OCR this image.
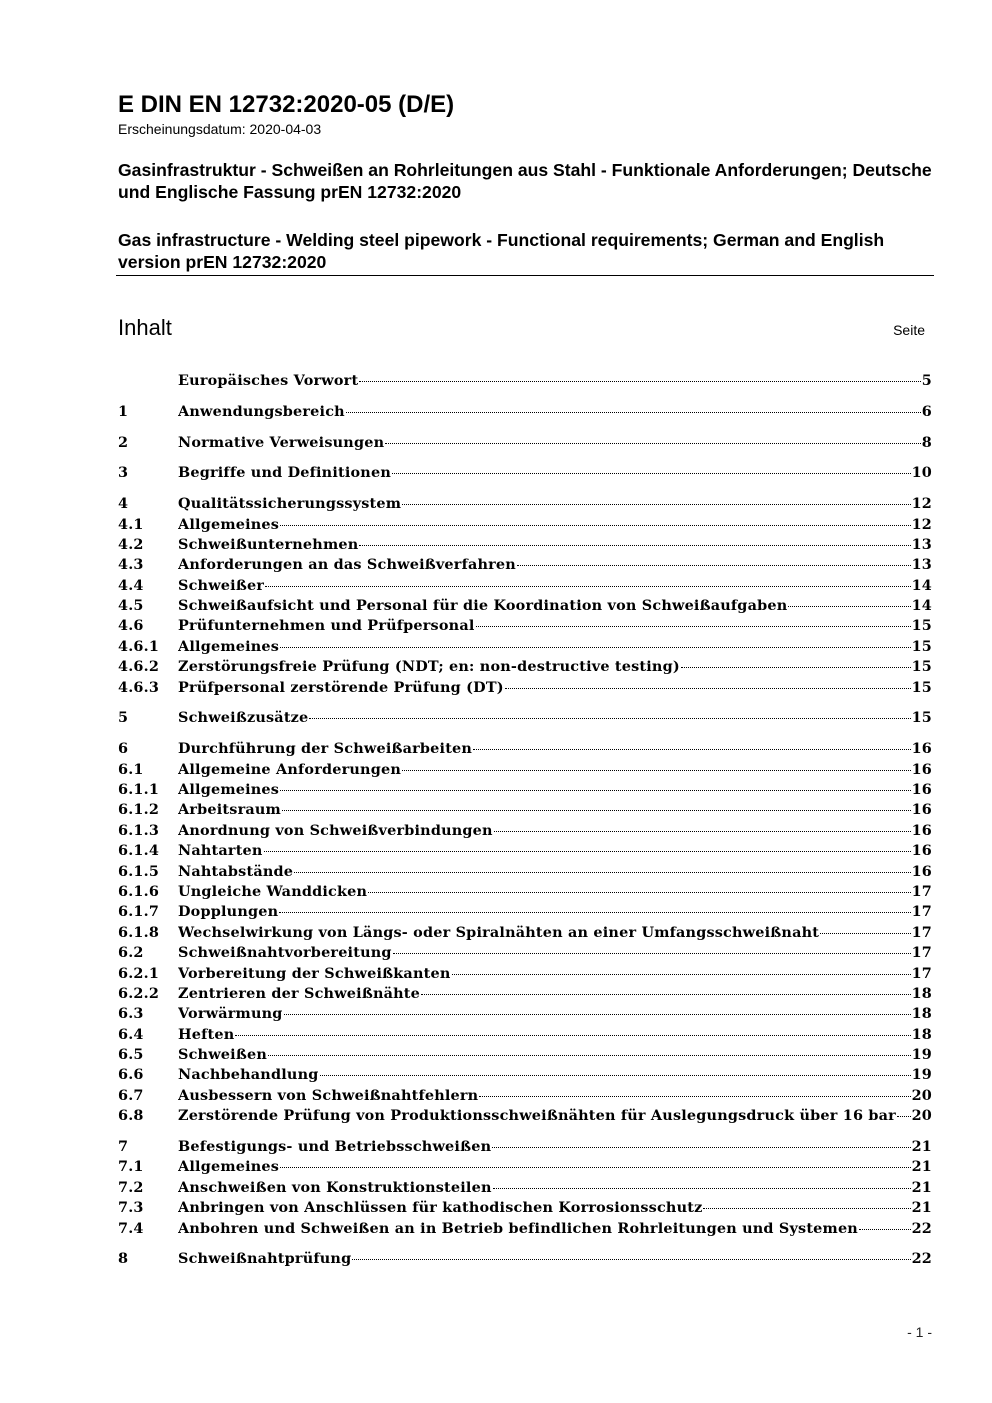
E DIN EN 12732:2020-05 (D/E)
Erscheinungsdatum: 2020-04-03
Gasinfrastruktur - Schweißen an Rohrleitungen aus Stahl - Funktionale Anforderungen; Deutsche und Englische Fassung prEN 12732:2020
Gas infrastructure - Welding steel pipework - Functional requirements; German and English version prEN 12732:2020
Inhalt	Seite
Europäisches Vorwort	5
1	Anwendungsbereich	6
2	Normative Verweisungen	8
3	Begriffe und Definitionen	10
4	Qualitätssicherungssystem	12
4.1	Allgemeines	12
4.2	Schweißunternehmen	13
4.3	Anforderungen an das Schweißverfahren	13
4.4	Schweißer	14
4.5	Schweißaufsicht und Personal für die Koordination von Schweißaufgaben	14
4.6	Prüfunternehmen und Prüfpersonal	15
4.6.1	Allgemeines	15
4.6.2	Zerstörungsfreie Prüfung (NDT; en: non-destructive testing)	15
4.6.3	Prüfpersonal zerstörende Prüfung (DT)	15
5	Schweißzusätze	15
6	Durchführung der Schweißarbeiten	16
6.1	Allgemeine Anforderungen	16
6.1.1	Allgemeines	16
6.1.2	Arbeitsraum	16
6.1.3	Anordnung von Schweißverbindungen	16
6.1.4	Nahtarten	16
6.1.5	Nahtabstände	16
6.1.6	Ungleiche Wanddicken	17
6.1.7	Dopplungen	17
6.1.8	Wechselwirkung von Längs- oder Spiralnähten an einer Umfangsschweißnaht	17
6.2	Schweißnahtvorbereitung	17
6.2.1	Vorbereitung der Schweißkanten	17
6.2.2	Zentrieren der Schweißnähte	18
6.3	Vorwärmung	18
6.4	Heften	18
6.5	Schweißen	19
6.6	Nachbehandlung	19
6.7	Ausbessern von Schweißnahtfehlern	20
6.8	Zerstörende Prüfung von Produktionsschweißnähten für Auslegungsdruck über 16 bar 20
7	Befestigungs- und Betriebsschweißen	21
7.1	Allgemeines	21
7.2	Anschweißen von Konstruktionsteilen	21
7.3	Anbringen von Anschlüssen für kathodischen Korrosionsschutz	21
7.4	Anbohren und Schweißen an in Betrieb befindlichen Rohrleitungen und Systemen	22
8	Schweißnahtprüfung	22
- 1 -
